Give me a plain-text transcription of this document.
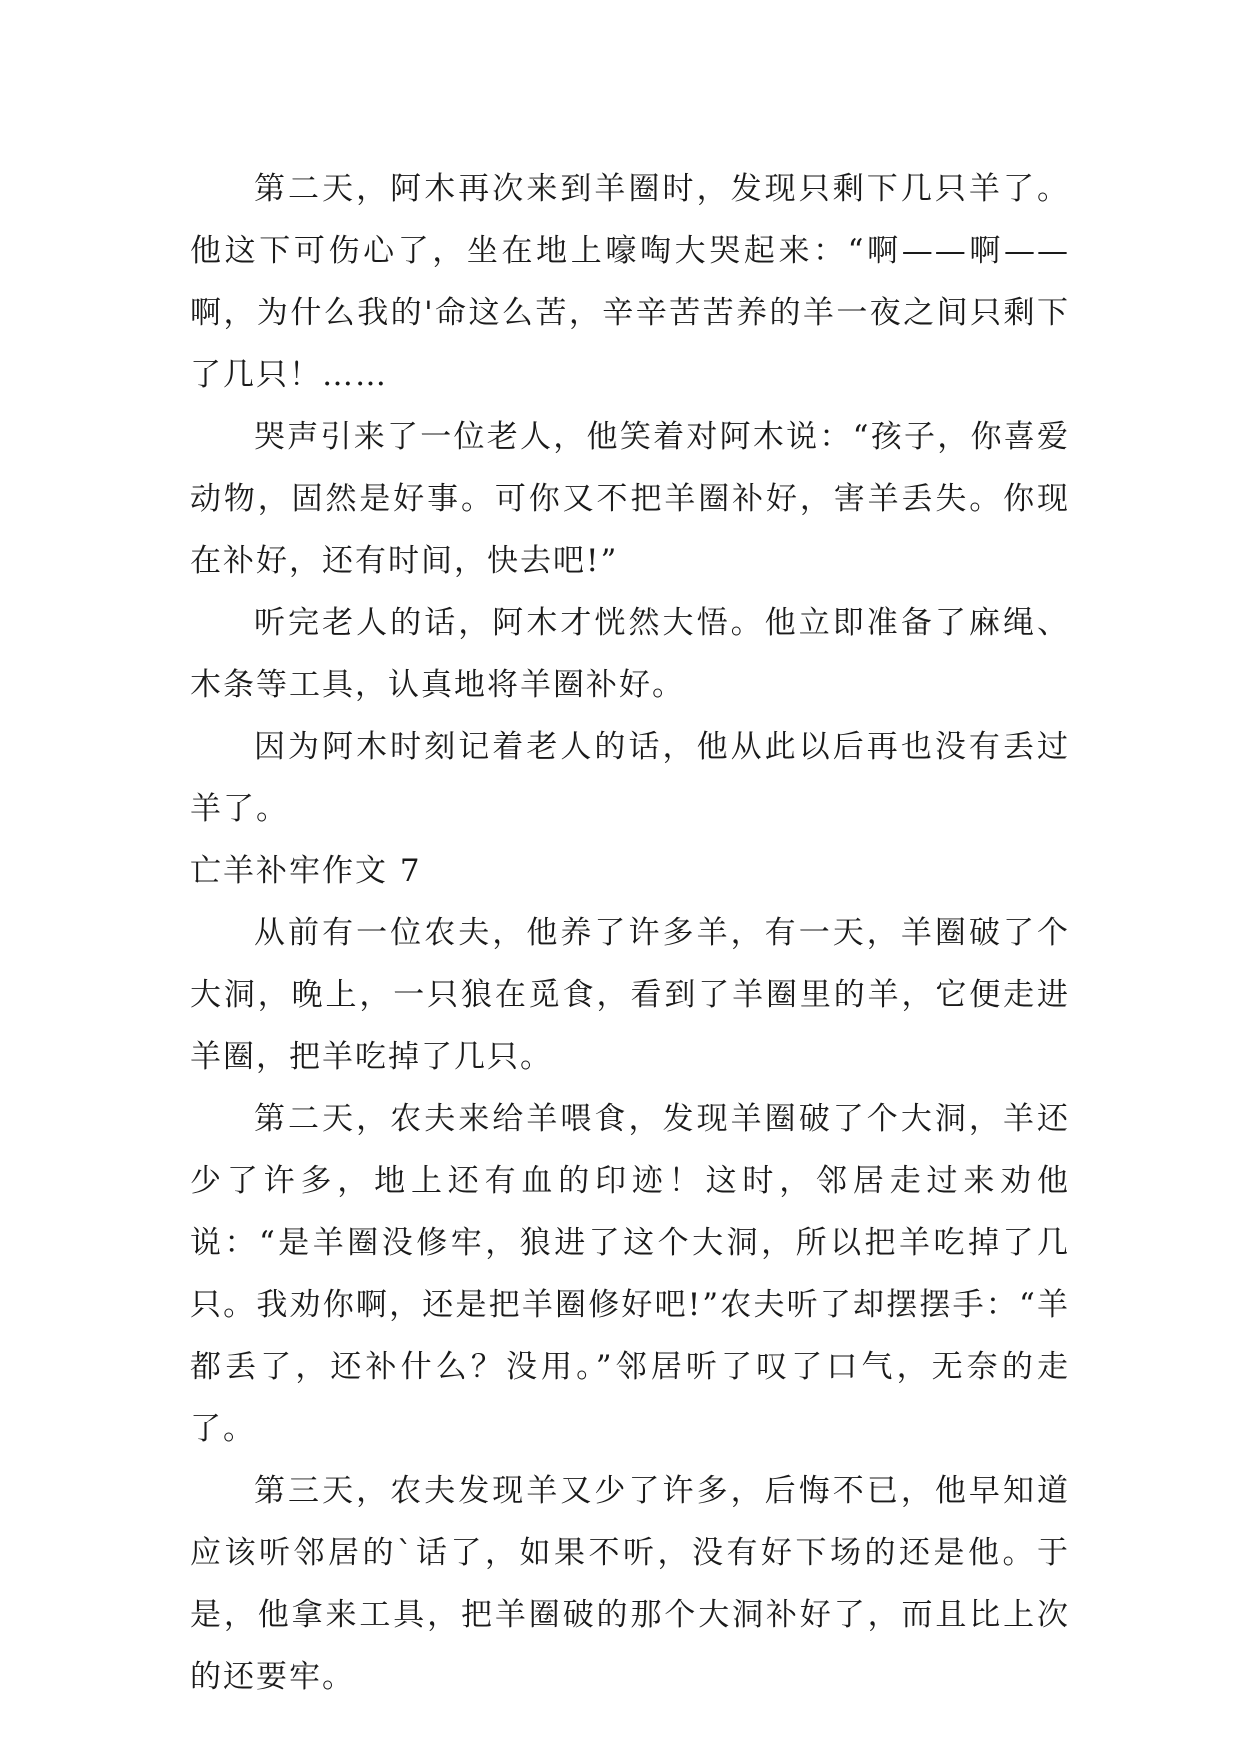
第二天，阿木再次来到羊圈时，发现只剩下几只羊了。他这下可伤心了，坐在地上嚎啕大哭起来：“啊——啊——啊，为什么我的'命这么苦，辛辛苦苦养的羊一夜之间只剩下了几只！……

哭声引来了一位老人，他笑着对阿木说：“孩子，你喜爱动物，固然是好事。可你又不把羊圈补好，害羊丢失。你现在补好，还有时间，快去吧!”

听完老人的话，阿木才恍然大悟。他立即准备了麻绳、木条等工具，认真地将羊圈补好。

因为阿木时刻记着老人的话，他从此以后再也没有丢过羊了。

亡羊补牢作文 7

从前有一位农夫，他养了许多羊，有一天，羊圈破了个大洞，晚上，一只狼在觅食，看到了羊圈里的羊，它便走进羊圈，把羊吃掉了几只。

第二天，农夫来给羊喂食，发现羊圈破了个大洞，羊还少了许多，地上还有血的印迹！这时，邻居走过来劝他说：“是羊圈没修牢，狼进了这个大洞，所以把羊吃掉了几只。我劝你啊，还是把羊圈修好吧!”农夫听了却摆摆手：“羊都丢了，还补什么？没用。”邻居听了叹了口气，无奈的走了。

第三天，农夫发现羊又少了许多，后悔不已，他早知道应该听邻居的`话了，如果不听，没有好下场的还是他。于是，他拿来工具，把羊圈破的那个大洞补好了，而且比上次的还要牢。
